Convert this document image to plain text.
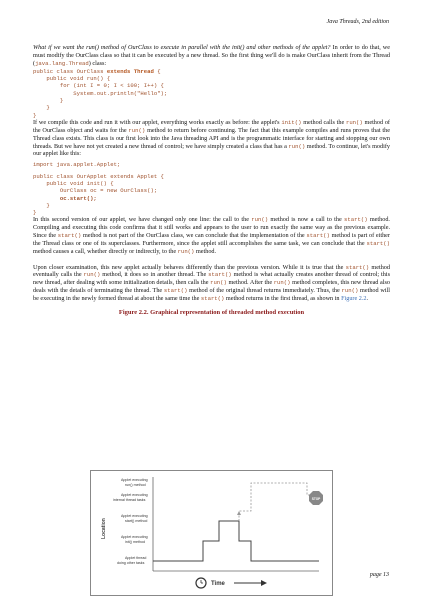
Java Threads, 2nd edition

What if we want the run() method of OurClass to execute in parallel with the init() and other methods of the applet? In order to do that, we must modify the OurClass class so that it can be executed by a new thread. So the first thing we'll do is make OurClass inherit from the Thread (java.lang.Thread) class:

public class OurClass extends Thread {
public void run() {
for (int I = 0; I < 100; I++) {
System.out.println("Hello");
}
}
}

If we compile this code and run it with our applet, everything works exactly as before: the applet's init() method calls the run() method of the OurClass object and waits for the run() method to return before continuing. The fact that this example compiles and runs proves that the Thread class exists. This class is our first look into the Java threading API and is the programmatic interface for starting and stopping our own threads. But we have not yet created a new thread of control; we have simply created a class that has a run() method. To continue, let's modify our applet like this:

import java.applet.Applet;
public class OurApplet extends Applet {
public void init() {
OurClass oc = new OurClass();
oc.start();
}
}

In this second version of our applet, we have changed only one line: the call to the run() method is now a call to the start() method. Compiling and executing this code confirms that it still works and appears to the user to run exactly the same way as the previous example. Since the start() method is not part of the OurClass class, we can conclude that the implementation of the start() method is part of either the Thread class or one of its superclasses. Furthermore, since the applet still accomplishes the same task, we can conclude that the start() method causes a call, whether directly or indirectly, to the run() method.

Upon closer examination, this new applet actually behaves differently than the previous version. While it is true that the start() method eventually calls the run() method, it does so in another thread. The start() method is what actually creates another thread of control; this new thread, after dealing with some initialization details, then calls the run() method. After the run() method completes, this new thread also deals with the details of terminating the thread. The start() method of the original thread returns immediately. Thus, the run() method will be executing in the newly formed thread at about the same time the start() method returns in the first thread, as shown in Figure 2.2.

Figure 2.2. Graphical representation of threaded method execution
Location
Applet executing run() method
Applet executing internal thread tasks
Applet executing start() method
Applet executing init() method
Applet thread doing other tasks
STOP
Time
page 13
